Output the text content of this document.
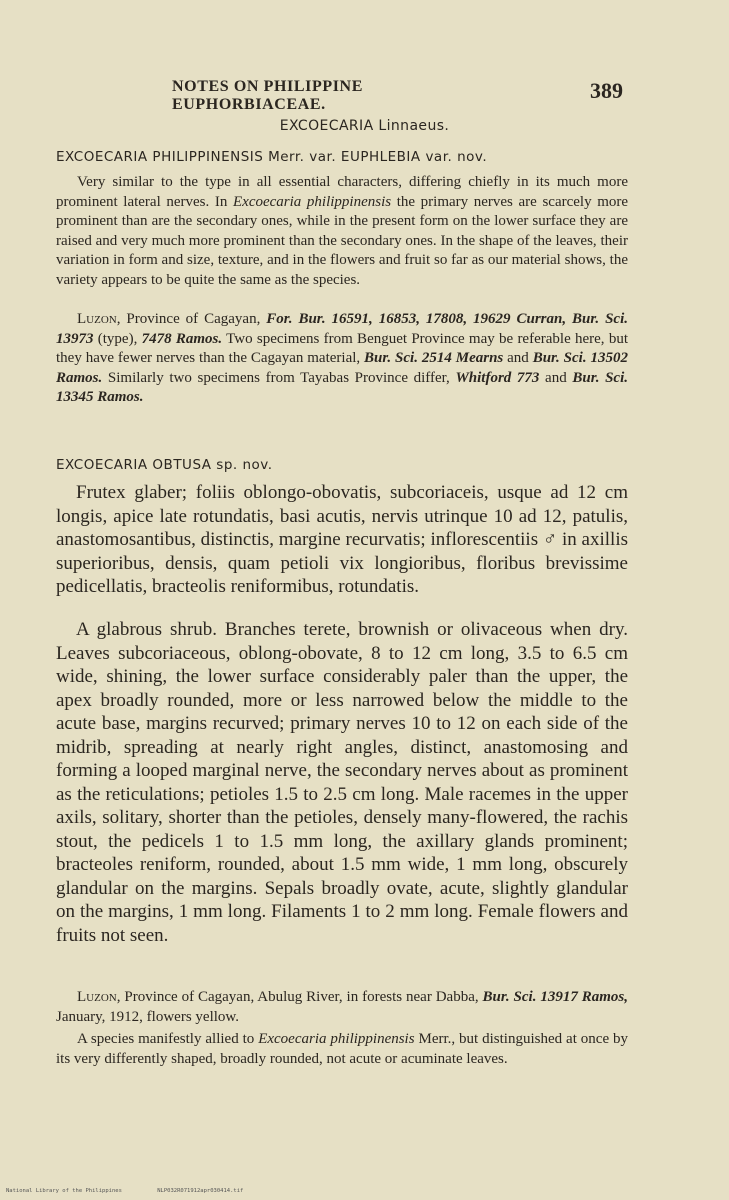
NOTES ON PHILIPPINE EUPHORBIACEAE.
389
EXCOECARIA Linnaeus.
EXCOECARIA PHILIPPINENSIS Merr. var. EUPHLEBIA var. nov.

Very similar to the type in all essential characters, differing chiefly in its much more prominent lateral nerves. In Excoecaria philippinensis the primary nerves are scarcely more prominent than are the secondary ones, while in the present form on the lower surface they are raised and very much more prominent than the secondary ones. In the shape of the leaves, their variation in form and size, texture, and in the flowers and fruit so far as our material shows, the variety appears to be quite the same as the species.

Luzon, Province of Cagayan, For. Bur. 16591, 16853, 17808, 19629 Curran, Bur. Sci. 13973 (type), 7478 Ramos. Two specimens from Benguet Province may be referable here, but they have fewer nerves than the Cagayan material, Bur. Sci. 2514 Mearns and Bur. Sci. 13502 Ramos. Similarly two specimens from Tayabas Province differ, Whitford 773 and Bur. Sci. 13345 Ramos.

EXCOECARIA OBTUSA sp. nov.

Frutex glaber; foliis oblongo-obovatis, subcoriaceis, usque ad 12 cm longis, apice late rotundatis, basi acutis, nervis utrinque 10 ad 12, patulis, anastomosantibus, distinctis, margine recurvatis; inflorescentiis ♂ in axillis superioribus, densis, quam petioli vix longioribus, floribus brevissime pedicellatis, bracteolis reniformibus, rotundatis.

A glabrous shrub. Branches terete, brownish or olivaceous when dry. Leaves subcoriaceous, oblong-obovate, 8 to 12 cm long, 3.5 to 6.5 cm wide, shining, the lower surface considerably paler than the upper, the apex broadly rounded, more or less narrowed below the middle to the acute base, margins recurved; primary nerves 10 to 12 on each side of the midrib, spreading at nearly right angles, distinct, anastomosing and forming a looped marginal nerve, the secondary nerves about as prominent as the reticulations; petioles 1.5 to 2.5 cm long. Male racemes in the upper axils, solitary, shorter than the petioles, densely many-flowered, the rachis stout, the pedicels 1 to 1.5 mm long, the axillary glands prominent; bracteoles reniform, rounded, about 1.5 mm wide, 1 mm long, obscurely glandular on the margins. Sepals broadly ovate, acute, slightly glandular on the margins, 1 mm long. Filaments 1 to 2 mm long. Female flowers and fruits not seen.

Luzon, Province of Cagayan, Abulug River, in forests near Dabba, Bur. Sci. 13917 Ramos, January, 1912, flowers yellow.

A species manifestly allied to Excoecaria philippinensis Merr., but distinguished at once by its very differently shaped, broadly rounded, not acute or acuminate leaves.

National Library of the Philippines	NLP032R071912apr030414.tif
